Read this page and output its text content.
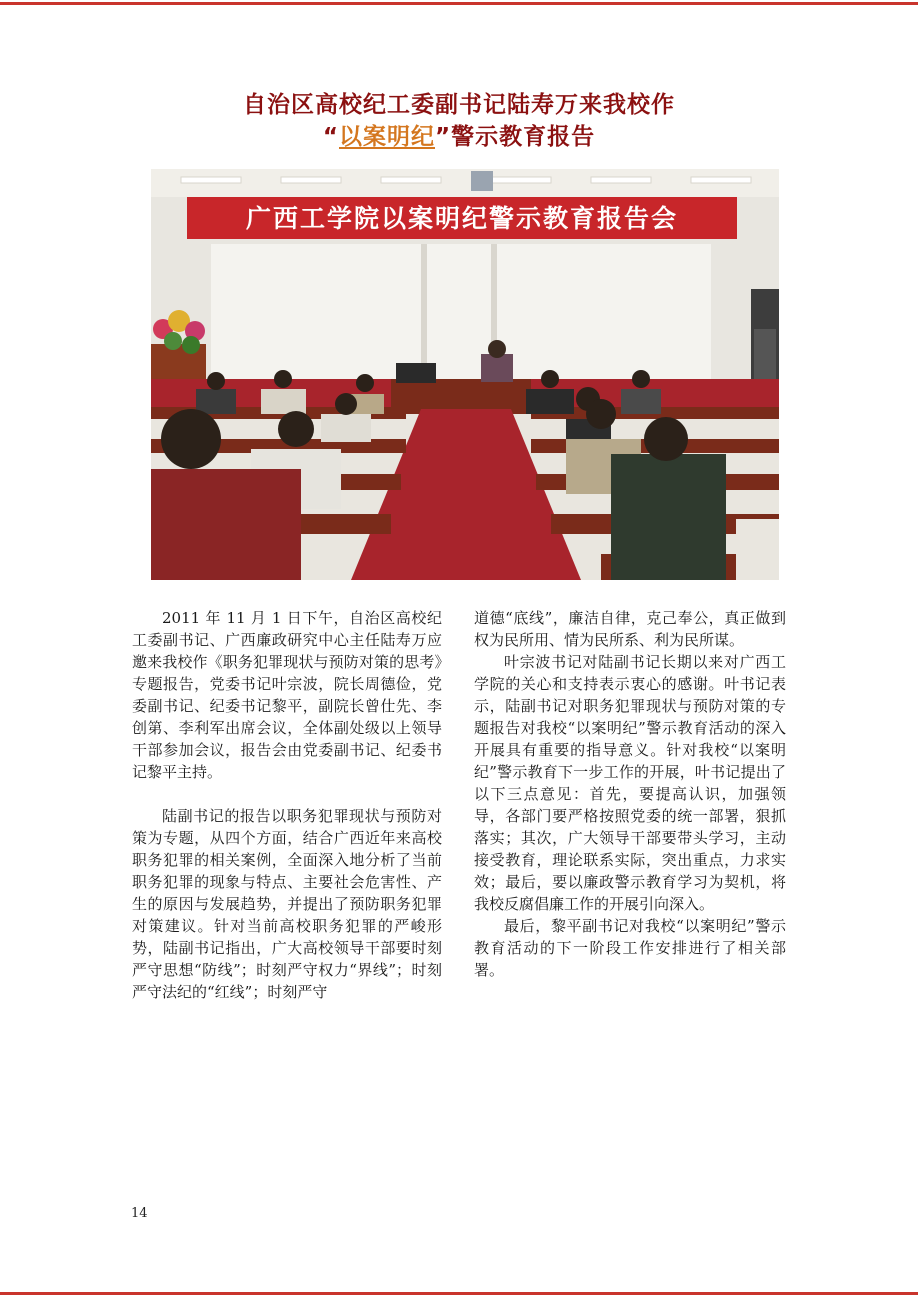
自治区高校纪工委副书记陆寿万来我校作
“以案明纪”警示教育报告
广西工学院以案明纪警示教育报告会

2011 年 11 月 1 日下午，自治区高校纪工委副书记、广西廉政研究中心主任陆寿万应邀来我校作《职务犯罪现状与预防对策的思考》专题报告，党委书记叶宗波，院长周德俭，党委副书记、纪委书记黎平，副院长曾仕先、李创第、李利军出席会议，全体副处级以上领导干部参加会议，报告会由党委副书记、纪委书记黎平主持。

陆副书记的报告以职务犯罪现状与预防对策为专题，从四个方面，结合广西近年来高校职务犯罪的相关案例，全面深入地分析了当前职务犯罪的现象与特点、主要社会危害性、产生的原因与发展趋势，并提出了预防职务犯罪对策建议。针对当前高校职务犯罪的严峻形势，陆副书记指出，广大高校领导干部要时刻严守思想“防线”；时刻严守权力“界线”；时刻严守法纪的“红线”；时刻严守

道德“底线”，廉洁自律，克己奉公，真正做到权为民所用、情为民所系、利为民所谋。

叶宗波书记对陆副书记长期以来对广西工学院的关心和支持表示衷心的感谢。叶书记表示，陆副书记对职务犯罪现状与预防对策的专题报告对我校“以案明纪”警示教育活动的深入开展具有重要的指导意义。针对我校“以案明纪”警示教育下一步工作的开展，叶书记提出了以下三点意见：首先，要提高认识，加强领导，各部门要严格按照党委的统一部署，狠抓落实；其次，广大领导干部要带头学习，主动接受教育，理论联系实际，突出重点，力求实效；最后，要以廉政警示教育学习为契机，将我校反腐倡廉工作的开展引向深入。

最后，黎平副书记对我校“以案明纪”警示教育活动的下一阶段工作安排进行了相关部署。

14
